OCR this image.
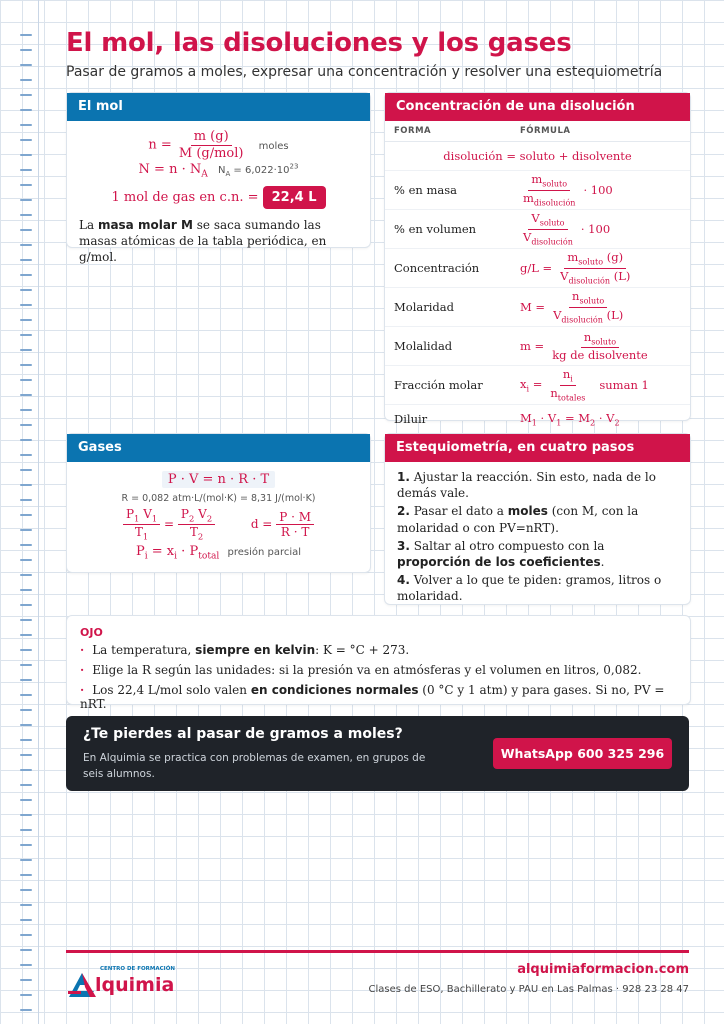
El mol, las disoluciones y los gases

Pasar de gramos a moles, expresar una concentración y resolver una estequiometría

El mol
$n = \frac{m (g)}{\text{M (g/mol)}}$ moles
$N = n \cdot N_A$ $N_A = 6,022\cdot 10^{23}$
1 mol de gas en c.n. = 22,4 L

La masa molar M se saca sumando las masas atómicas de la tabla periódica, en g/mol.

Concentración de una disolución
FORMA	FÓRMULA
disolución = soluto + disolvente
% en masa	$\frac{m_{soluto}}{m_{disolución}} \cdot 100$
% en volumen	$\frac{V_{soluto}}{V_{disolución}} \cdot 100$
Concentración	$g/L = \frac{m_{soluto} (g)}{V_{disolución} (L)}$
Molaridad	$M = \frac{n_{soluto}}{V_{disolución} (L)}$
Molalidad	$m = \frac{n_{soluto}}{\text{kg de disolvente}}$
Fracción molar	$x_i = \frac{n_i}{n_{totales}}$ suman 1
Diluir	$M_1 \cdot V_1 = M_2 \cdot V_2$
Gases
P · V = n · R · T
R = 0,082 atm·L/(mol·K) = 8,31 J/(mol·K)
$\frac{P_1 V_1}{T_1} = \frac{P_2 V_2}{T_2}$	$d = \frac{P \cdot M}{R \cdot T}$
$P_i = x_i \cdot P_{total}$ presión parcial
Estequiometría, en cuatro pasos

1. Ajustar la reacción. Sin esto, nada de lo demás vale.

2. Pasar el dato a moles (con M, con la molaridad o con PV=nRT).

3. Saltar al otro compuesto con la proporción de los coeficientes.

4. Volver a lo que te piden: gramos, litros o molaridad.

OJO
· La temperatura, siempre en kelvin: K = °C + 273.
· Elige la R según las unidades: si la presión va en atmósferas y el volumen en litros, 0,082.
· Los 22,4 L/mol solo valen en condiciones normales (0 °C y 1 atm) y para gases. Si no, PV = nRT.

¿Te pierdes al pasar de gramos a moles?

En Alquimia se practica con problemas de examen, en grupos de seis alumnos.

WhatsApp 600 325 296
CENTRO DE FORMACIÓN
lquimia

alquimiaformacion.com

Clases de ESO, Bachillerato y PAU en Las Palmas · 928 23 28 47
